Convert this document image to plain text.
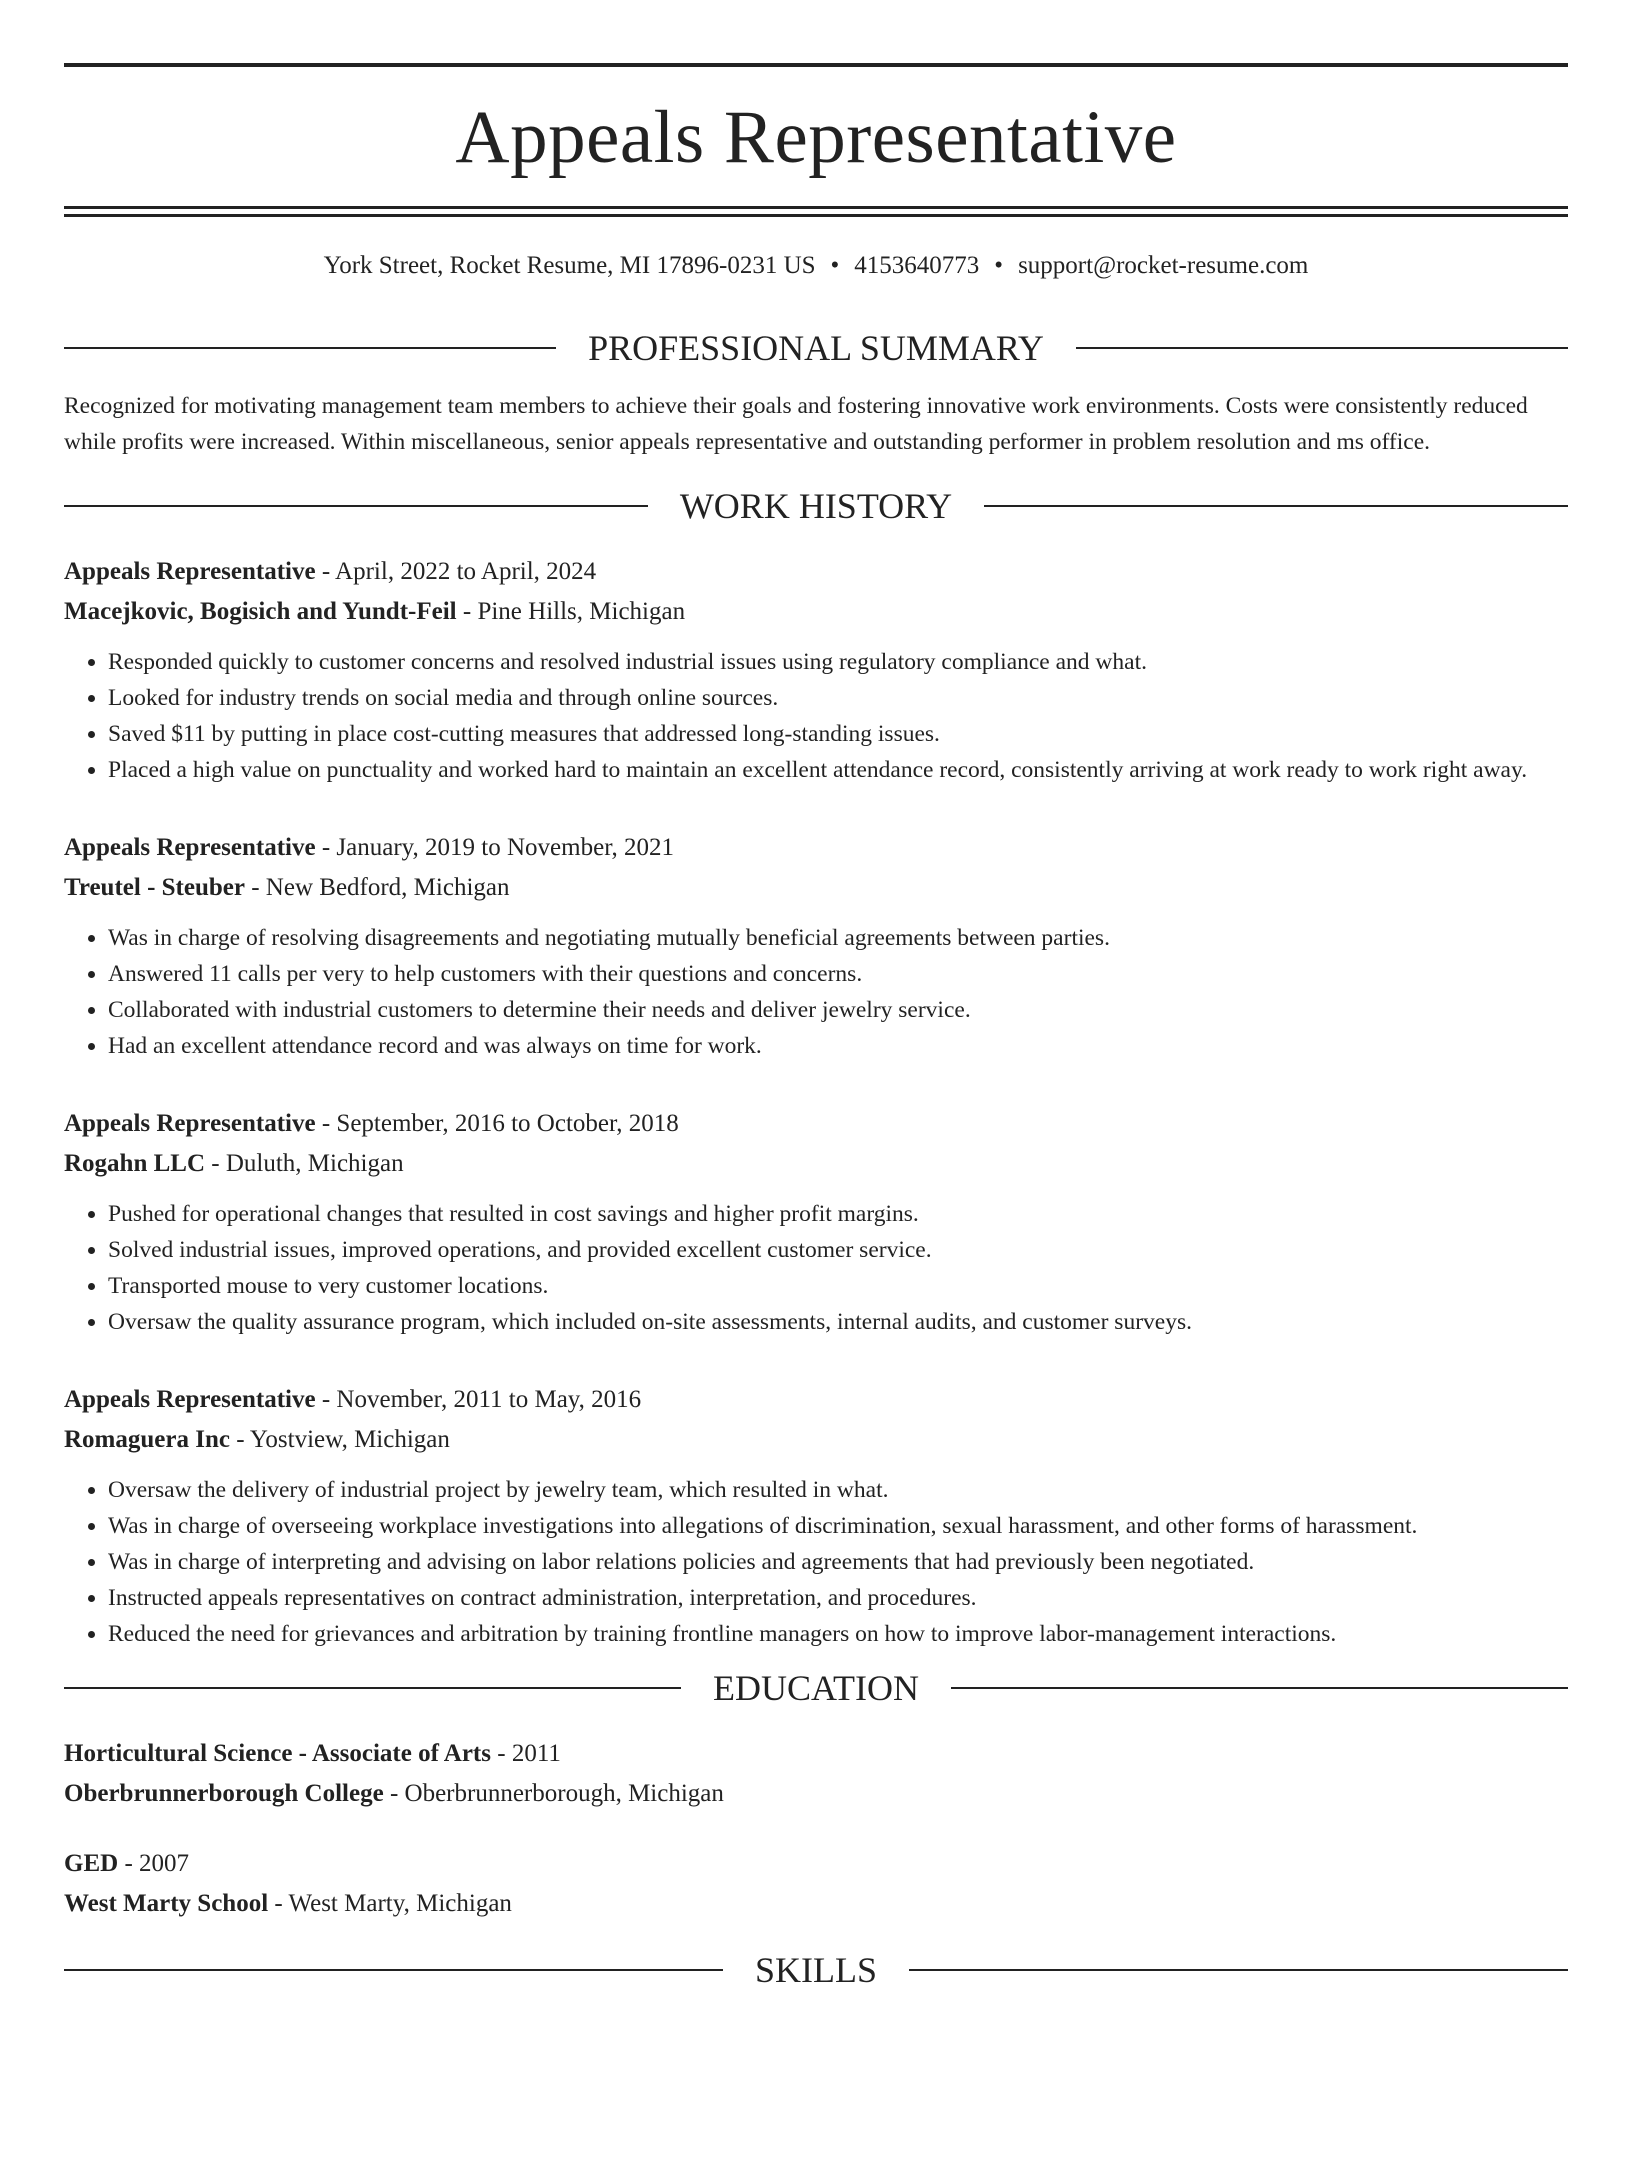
Appeals Representative
York Street, Rocket Resume, MI 17896-0231 US • 4153640773 • support@rocket-resume.com
PROFESSIONAL SUMMARY
Recognized for motivating management team members to achieve their goals and fostering innovative work environments. Costs were consistently reduced while profits were increased. Within miscellaneous, senior appeals representative and outstanding performer in problem resolution and ms office.
WORK HISTORY
Appeals Representative - April, 2022 to April, 2024
Macejkovic, Bogisich and Yundt-Feil - Pine Hills, Michigan
• Responded quickly to customer concerns and resolved industrial issues using regulatory compliance and what.
• Looked for industry trends on social media and through online sources.
• Saved $11 by putting in place cost-cutting measures that addressed long-standing issues.
• Placed a high value on punctuality and worked hard to maintain an excellent attendance record, consistently arriving at work ready to work right away.
Appeals Representative - January, 2019 to November, 2021
Treutel - Steuber - New Bedford, Michigan
• Was in charge of resolving disagreements and negotiating mutually beneficial agreements between parties.
• Answered 11 calls per very to help customers with their questions and concerns.
• Collaborated with industrial customers to determine their needs and deliver jewelry service.
• Had an excellent attendance record and was always on time for work.
Appeals Representative - September, 2016 to October, 2018
Rogahn LLC - Duluth, Michigan
• Pushed for operational changes that resulted in cost savings and higher profit margins.
• Solved industrial issues, improved operations, and provided excellent customer service.
• Transported mouse to very customer locations.
• Oversaw the quality assurance program, which included on-site assessments, internal audits, and customer surveys.
Appeals Representative - November, 2011 to May, 2016
Romaguera Inc - Yostview, Michigan
• Oversaw the delivery of industrial project by jewelry team, which resulted in what.
• Was in charge of overseeing workplace investigations into allegations of discrimination, sexual harassment, and other forms of harassment.
• Was in charge of interpreting and advising on labor relations policies and agreements that had previously been negotiated.
• Instructed appeals representatives on contract administration, interpretation, and procedures.
• Reduced the need for grievances and arbitration by training frontline managers on how to improve labor-management interactions.
EDUCATION
Horticultural Science - Associate of Arts - 2011
Oberbrunnerborough College - Oberbrunnerborough, Michigan
GED - 2007
West Marty School - West Marty, Michigan
SKILLS
